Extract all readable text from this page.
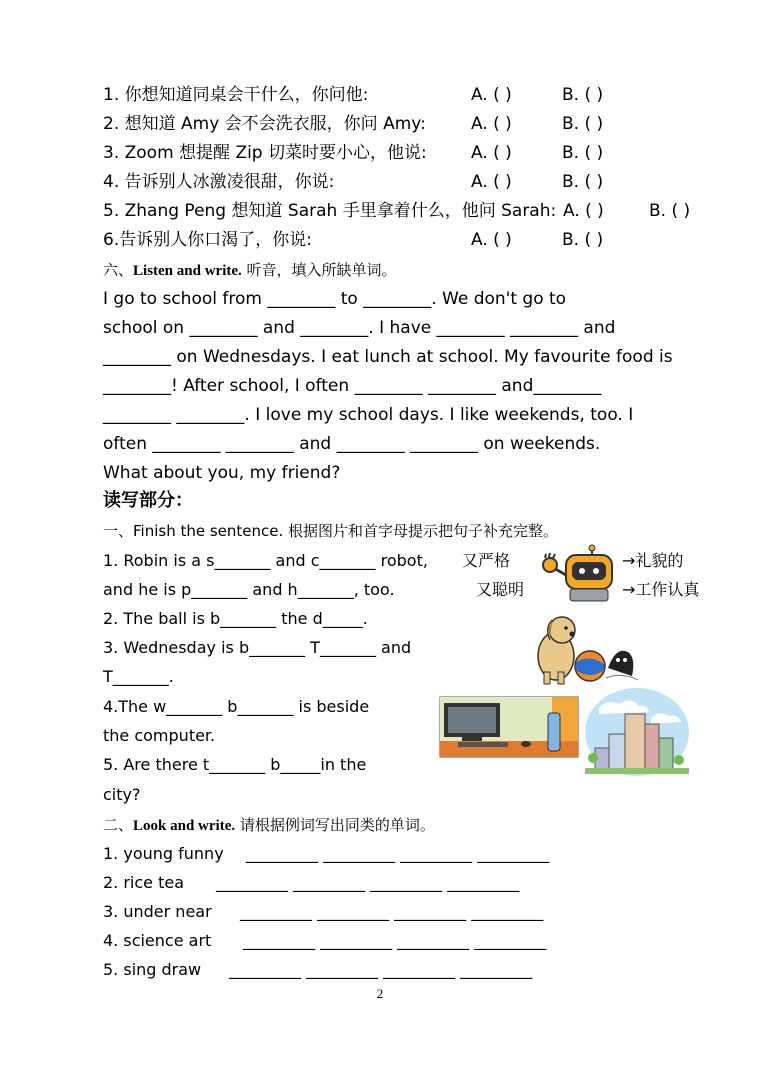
1. 你想知道同桌会干什么，你问他:	A. ( )	B. ( )
2. 想知道 Amy 会不会洗衣服，你问 Amy:	A. ( )	B. ( )
3. Zoom 想提醒 Zip 切菜时要小心，他说:	A. ( )	B. ( )
4. 告诉别人冰激凌很甜，你说:	A. ( )	B. ( )
5. Zhang Peng 想知道 Sarah 手里拿着什么，他问 Sarah: A. ( )	B. ( )
6.告诉别人你口渴了，你说:	A. ( )	B. ( )
六、Listen and write. 听音，填入所缺单词。
I go to school from ________ to ________. We don't go to
school on ________ and ________. I have ________ ________ and
________ on Wednesdays. I eat lunch at school. My favourite food is
________! After school, I often ________ ________ and________
________ ________. I love my school days. I like weekends, too. I
often ________ ________ and ________ ________ on weekends.
What about you, my friend?
读写部分：
一、Finish the sentence. 根据图片和首字母提示把句子补充完整。
1. Robin is a s_______ and c_______ robot,
and he is p_______ and h_______, too.
2. The ball is b_______ the d_____.
3. Wednesday is b_______ T_______ and
T_______.
4.The w_______ b_______ is beside
the computer.
5. Are there t_______ b_____in the
city?
又严格
又聪明
→礼貌的
→工作认真
二、Look and write. 请根据例词写出同类的单词。
1. young funny _________ _________ _________ _________
2. rice tea _________ _________ _________ _________
3. under near _________ _________ _________ _________
4. science art _________ _________ _________ _________
5. sing draw _________ _________ _________ _________
2
